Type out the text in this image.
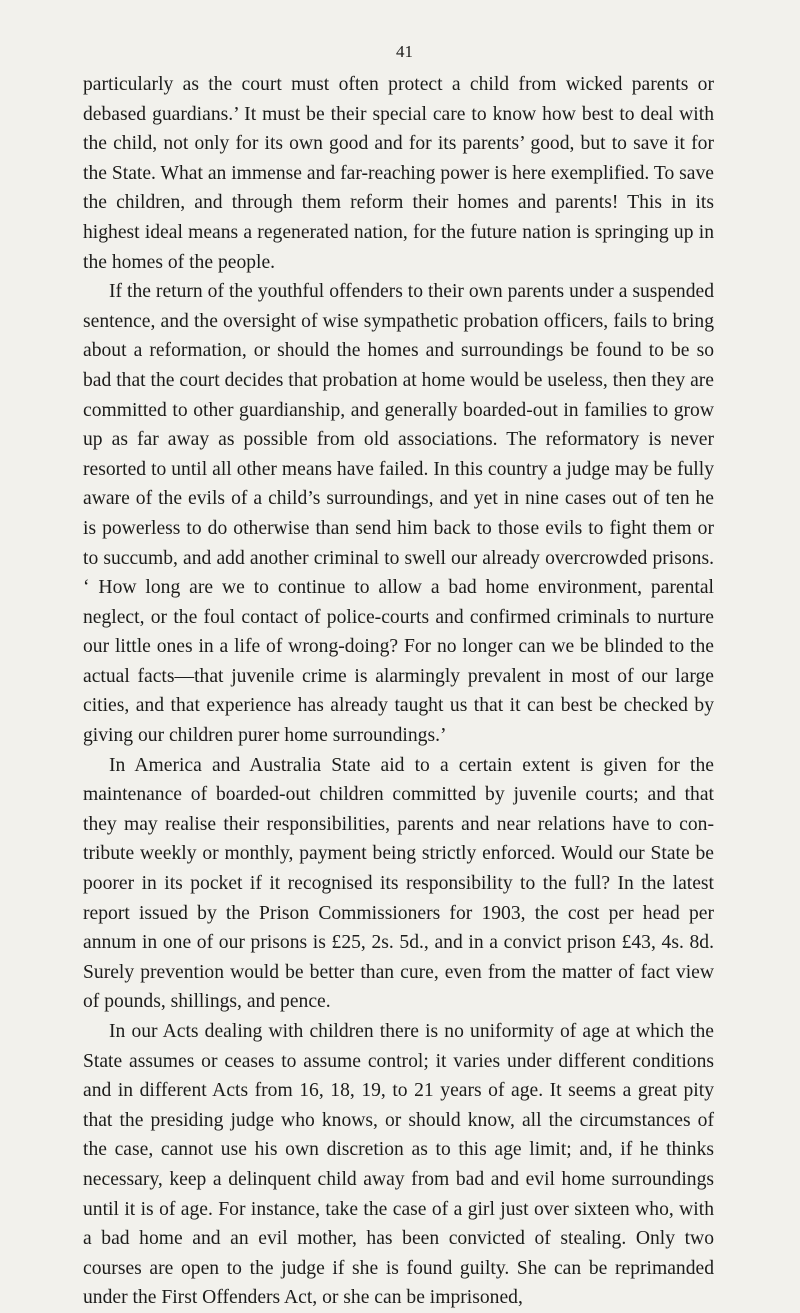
41

particularly as the court must often protect a child from wicked parents or debased guardians.’ It must be their special care to know how best to deal with the child, not only for its own good and for its parents’ good, but to save it for the State. What an immense and far-reaching power is here exemplified. To save the children, and through them reform their homes and parents! This in its highest ideal means a regenerated nation, for the future nation is springing up in the homes of the people.

If the return of the youthful offenders to their own parents under a suspended sentence, and the oversight of wise sympathetic probation officers, fails to bring about a reformation, or should the homes and surroundings be found to be so bad that the court decides that probation at home would be useless, then they are committed to other guardianship, and generally boarded-out in families to grow up as far away as possible from old associations. The reformatory is never resorted to until all other means have failed. In this country a judge may be fully aware of the evils of a child’s surroundings, and yet in nine cases out of ten he is powerless to do otherwise than send him back to those evils to fight them or to succumb, and add another criminal to swell our already overcrowded prisons. ‘ How long are we to continue to allow a bad home environment, parental neglect, or the foul contact of police-courts and confirmed criminals to nurture our little ones in a life of wrong-doing? For no longer can we be blinded to the actual facts—that juvenile crime is alarmingly prevalent in most of our large cities, and that experience has already taught us that it can best be checked by giving our children purer home surroundings.’

In America and Australia State aid to a certain extent is given for the maintenance of boarded-out children committed by juvenile courts; and that they may realise their responsibilities, parents and near relations have to contribute weekly or monthly, payment being strictly enforced. Would our State be poorer in its pocket if it recognised its responsibility to the full? In the latest report issued by the Prison Commissioners for 1903, the cost per head per annum in one of our prisons is £25, 2s. 5d., and in a convict prison £43, 4s. 8d. Surely prevention would be better than cure, even from the matter of fact view of pounds, shillings, and pence.

In our Acts dealing with children there is no uniformity of age at which the State assumes or ceases to assume control; it varies under different conditions and in different Acts from 16, 18, 19, to 21 years of age. It seems a great pity that the presiding judge who knows, or should know, all the circumstances of the case, cannot use his own discretion as to this age limit; and, if he thinks necessary, keep a delinquent child away from bad and evil home surroundings until it is of age. For instance, take the case of a girl just over sixteen who, with a bad home and an evil mother, has been convicted of stealing. Only two courses are open to the judge if she is found guilty. She can be reprimanded under the First Offenders Act, or she can be imprisoned,
